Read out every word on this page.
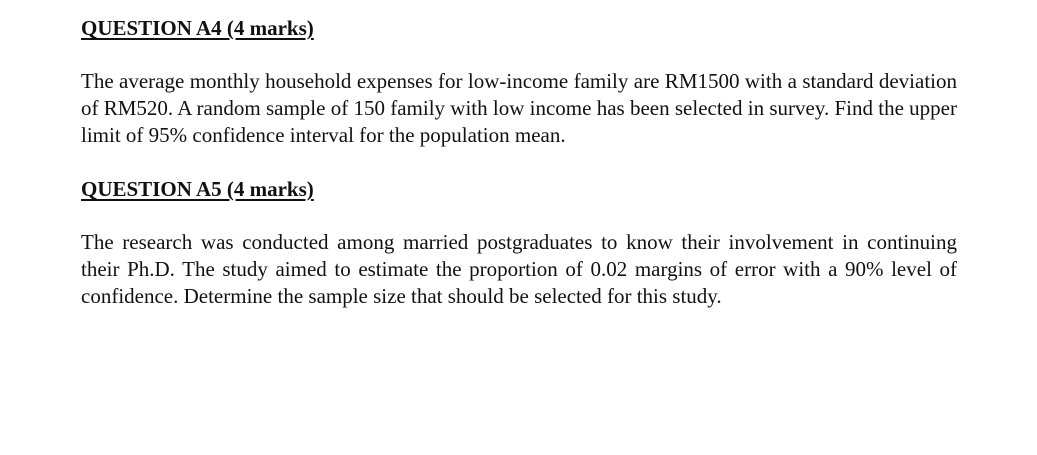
QUESTION A4 (4 marks)

The average monthly household expenses for low-income family are RM1500 with a standard deviation of RM520. A random sample of 150 family with low income has been selected in survey. Find the upper limit of 95% confidence interval for the population mean.

QUESTION A5 (4 marks)

The research was conducted among married postgraduates to know their involvement in continuing their Ph.D. The study aimed to estimate the proportion of 0.02 margins of error with a 90% level of confidence. Determine the sample size that should be selected for this study.
